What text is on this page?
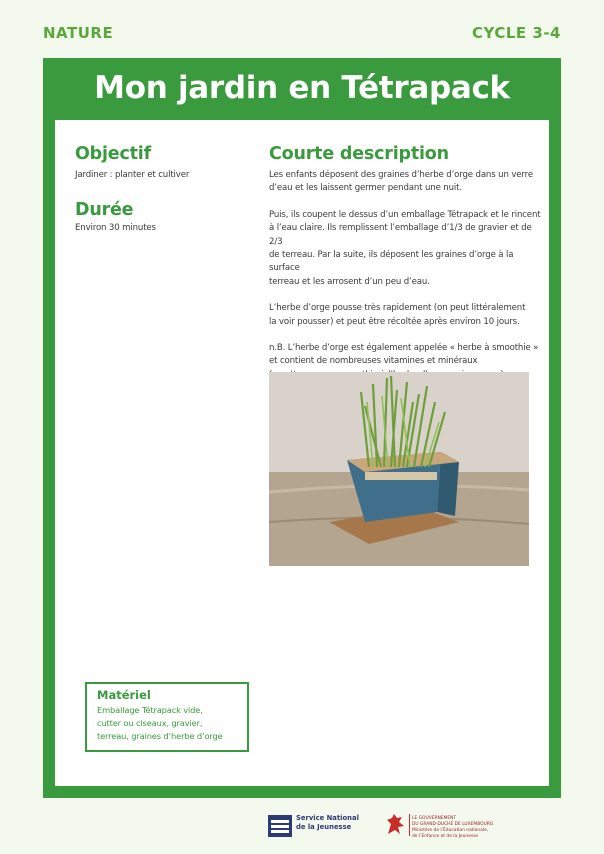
NATURE	CYCLE 3-4
Mon jardin en Tétrapack
Objectif
Jardiner : planter et cultiver
Durée
Environ 30 minutes
Courte description
Les enfants déposent des graines d’herbe d’orge dans un verre
d’eau et les laissent germer pendant une nuit.
Puis, ils coupent le dessus d’un emballage Tétrapack et le rincent
à l’eau claire. Ils remplissent l’emballage d’1/3 de gravier et de 2/3
de terreau. Par la suite, ils déposent les graines d’orge à la surface
terreau et les arrosent d’un peu d’eau.
L’herbe d’orge pousse très rapidement (on peut littéralement
la voir pousser) et peut être récoltée après environ 10 jours.
n.B. L’herbe d’orge est également appelée « herbe à smoothie »
et contient de nombreuses vitamines et minéraux

Matériel
Emballage Tétrapack vide,
cutter ou ciseaux, gravier,
terreau, graines d’herbe d’orge
Service National
de la Jeunesse
LE GOUVERNEMENT
DU GRAND-DUCHÉ DE LUXEMBOURG
Ministère de l’Éducation nationale,
de l’Enfance et de la Jeunesse
